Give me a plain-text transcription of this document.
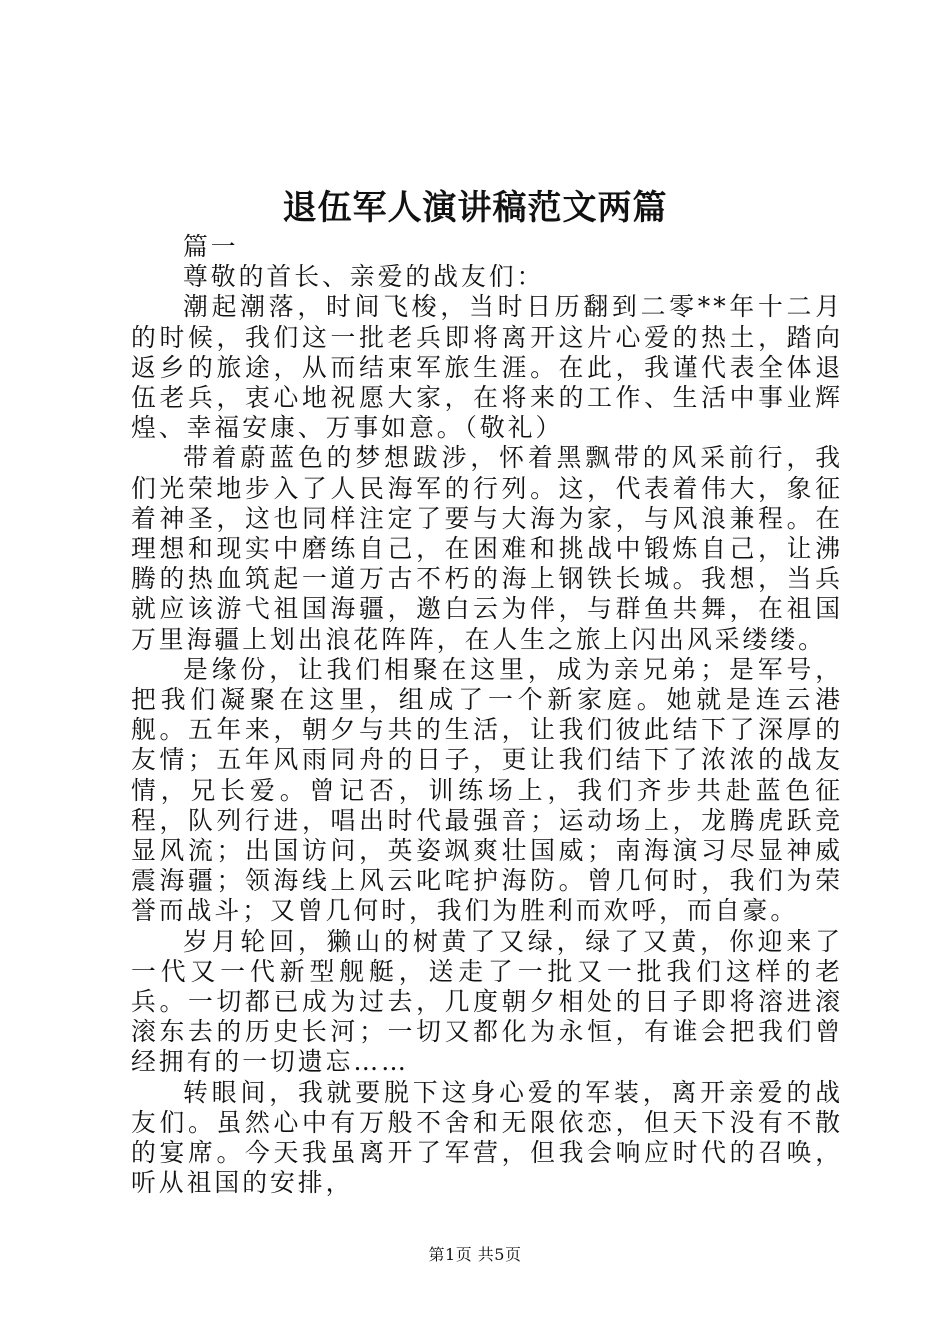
退伍军人演讲稿范文两篇

篇一

尊敬的首长、亲爱的战友们：

潮起潮落，时间飞梭，当时日历翻到二零**年十二月的时候，我们这一批老兵即将离开这片心爱的热土，踏向返乡的旅途，从而结束军旅生涯。在此，我谨代表全体退伍老兵，衷心地祝愿大家，在将来的工作、生活中事业辉煌、幸福安康、万事如意。（敬礼）

带着蔚蓝色的梦想跋涉，怀着黑飘带的风采前行，我们光荣地步入了人民海军的行列。这，代表着伟大，象征着神圣，这也同样注定了要与大海为家，与风浪兼程。在理想和现实中磨练自己，在困难和挑战中锻炼自己，让沸腾的热血筑起一道万古不朽的海上钢铁长城。我想，当兵就应该游弋祖国海疆，邀白云为伴，与群鱼共舞，在祖国万里海疆上划出浪花阵阵，在人生之旅上闪出风采缕缕。

是缘份，让我们相聚在这里，成为亲兄弟；是军号，把我们凝聚在这里，组成了一个新家庭。她就是连云港舰。五年来，朝夕与共的生活，让我们彼此结下了深厚的友情；五年风雨同舟的日子，更让我们结下了浓浓的战友情，兄长爱。曾记否，训练场上，我们齐步共赴蓝色征程，队列行进，唱出时代最强音；运动场上，龙腾虎跃竞显风流；出国访问，英姿飒爽壮国威；南海演习尽显神威震海疆；领海线上风云叱咤护海防。曾几何时，我们为荣誉而战斗；又曾几何时，我们为胜利而欢呼，而自豪。

岁月轮回，獭山的树黄了又绿，绿了又黄，你迎来了一代又一代新型舰艇，送走了一批又一批我们这样的老兵。一切都已成为过去，几度朝夕相处的日子即将溶进滚滚东去的历史长河；一切又都化为永恒，有谁会把我们曾经拥有的一切遗忘……

转眼间，我就要脱下这身心爱的军装，离开亲爱的战友们。虽然心中有万般不舍和无限依恋，但天下没有不散的宴席。今天我虽离开了军营，但我会响应时代的召唤，听从祖国的安排，

第1页 共5页
